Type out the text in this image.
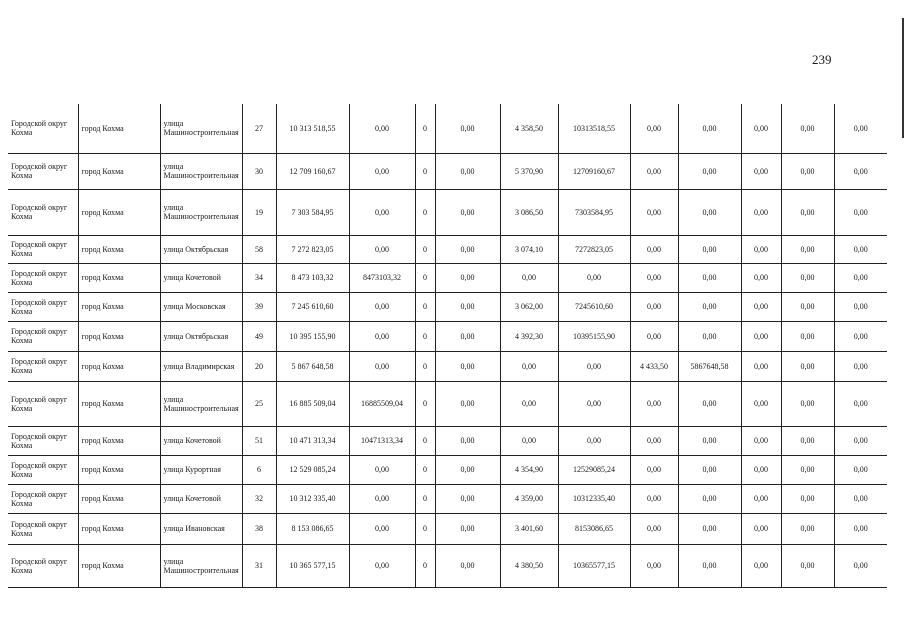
239
Городской округ Кохма	город Кохма	улица Машиностроительная	27	10 313 518,55	0,00	0	0,00	4 358,50	10313518,55	0,00	0,00	0,00	0,00	0,00
Городской округ Кохма	город Кохма	улица Машиностроительная	30	12 709 160,67	0,00	0	0,00	5 370,90	12709160,67	0,00	0,00	0,00	0,00	0,00
Городской округ Кохма	город Кохма	улица Машиностроительная	19	7 303 584,95	0,00	0	0,00	3 086,50	7303584,95	0,00	0,00	0,00	0,00	0,00
Городской округ Кохма	город Кохма	улица Октябрьская	58	7 272 823,05	0,00	0	0,00	3 074,10	7272823,05	0,00	0,00	0,00	0,00	0,00
Городской округ Кохма	город Кохма	улица Кочетовой	34	8 473 103,32	8473103,32	0	0,00	0,00	0,00	0,00	0,00	0,00	0,00	0,00
Городской округ Кохма	город Кохма	улица Московская	39	7 245 610,60	0,00	0	0,00	3 062,00	7245610,60	0,00	0,00	0,00	0,00	0,00
Городской округ Кохма	город Кохма	улица Октябрьская	49	10 395 155,90	0,00	0	0,00	4 392,30	10395155,90	0,00	0,00	0,00	0,00	0,00
Городской округ Кохма	город Кохма	улица Владимирская	20	5 867 648,58	0,00	0	0,00	0,00	0,00	4 433,50	5867648,58	0,00	0,00	0,00
Городской округ Кохма	город Кохма	улица Машиностроительная	25	16 885 509,04	16885509,04	0	0,00	0,00	0,00	0,00	0,00	0,00	0,00	0,00
Городской округ Кохма	город Кохма	улица Кочетовой	51	10 471 313,34	10471313,34	0	0,00	0,00	0,00	0,00	0,00	0,00	0,00	0,00
Городской округ Кохма	город Кохма	улица Курортная	6	12 529 085,24	0,00	0	0,00	4 354,90	12529085,24	0,00	0,00	0,00	0,00	0,00
Городской округ Кохма	город Кохма	улица Кочетовой	32	10 312 335,40	0,00	0	0,00	4 359,00	10312335,40	0,00	0,00	0,00	0,00	0,00
Городской округ Кохма	город Кохма	улица Ивановская	38	8 153 086,65	0,00	0	0,00	3 401,60	8153086,65	0,00	0,00	0,00	0,00	0,00
Городской округ Кохма	город Кохма	улица Машиностроительная	31	10 365 577,15	0,00	0	0,00	4 380,50	10365577,15	0,00	0,00	0,00	0,00	0,00
